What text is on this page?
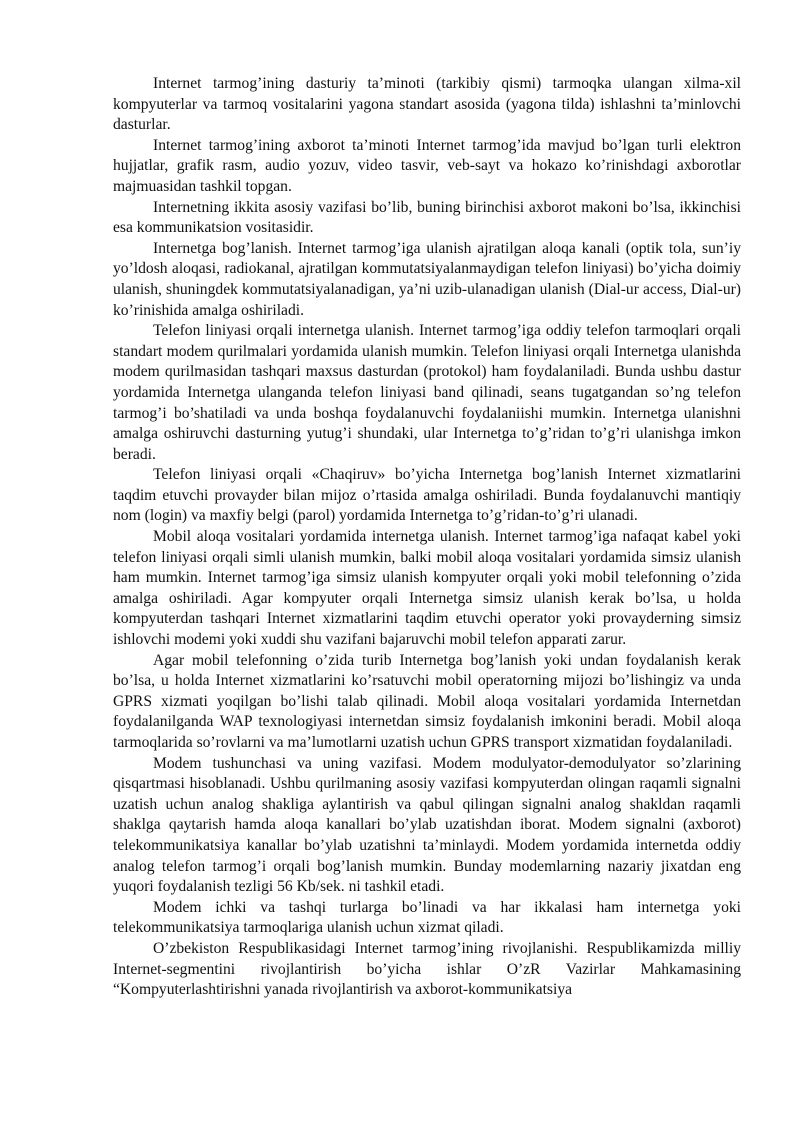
Internet tarmog’ining dasturiy ta’minoti (tarkibiy qismi) tarmoqka ulangan xilma-xil kompyuterlar va tarmoq vositalarini yagona standart asosida (yagona tilda) ishlashni ta’minlovchi dasturlar.

Internet tarmog’ining axborot ta’minoti Internet tarmog’ida mavjud bo’lgan turli elektron hujjatlar, grafik rasm, audio yozuv, video tasvir, veb-sayt va hokazo ko’rinishdagi axborotlar majmuasidan tashkil topgan.

Internetning ikkita asosiy vazifasi bo’lib, buning birinchisi axborot makoni bo’lsa, ikkinchisi esa kommunikatsion vositasidir.

Internetga bog’lanish. Internet tarmog’iga ulanish ajratilgan aloqa kanali (optik tola, sun’iy yo’ldosh aloqasi, radiokanal, ajratilgan kommutatsiyalanmaydigan telefon liniyasi) bo’yicha doimiy ulanish, shuningdek kommutatsiyalanadigan, ya’ni uzib-ulanadigan ulanish (Dial-ur access, Dial-ur) ko’rinishida amalga oshiriladi.

Telefon liniyasi orqali internetga ulanish. Internet tarmog’iga oddiy telefon tarmoqlari orqali standart modem qurilmalari yordamida ulanish mumkin. Telefon liniyasi orqali Internetga ulanishda modem qurilmasidan tashqari maxsus dasturdan (protokol) ham foydalaniladi. Bunda ushbu dastur yordamida Internetga ulanganda telefon liniyasi band qilinadi, seans tugatgandan so’ng telefon tarmog’i bo’shatiladi va unda boshqa foydalanuvchi foydalaniishi mumkin. Internetga ulanishni amalga oshiruvchi dasturning yutug’i shundaki, ular Internetga to’g’ridan to’g’ri ulanishga imkon beradi.

Telefon liniyasi orqali «Chaqiruv» bo’yicha Internetga bog’lanish Internet xizmatlarini taqdim etuvchi provayder bilan mijoz o’rtasida amalga oshiriladi. Bunda foydalanuvchi mantiqiy nom (login) va maxfiy belgi (parol) yordamida Internetga to’g’ridan-to’g’ri ulanadi.

Mobil aloqa vositalari yordamida internetga ulanish. Internet tarmog’iga nafaqat kabel yoki telefon liniyasi orqali simli ulanish mumkin, balki mobil aloqa vositalari yordamida simsiz ulanish ham mumkin. Internet tarmog’iga simsiz ulanish kompyuter orqali yoki mobil telefonning o’zida amalga oshiriladi. Agar kompyuter orqali Internetga simsiz ulanish kerak bo’lsa, u holda kompyuterdan tashqari Internet xizmatlarini taqdim etuvchi operator yoki provayderning simsiz ishlovchi modemi yoki xuddi shu vazifani bajaruvchi mobil telefon apparati zarur.

Agar mobil telefonning o’zida turib Internetga bog’lanish yoki undan foydalanish kerak bo’lsa, u holda Internet xizmatlarini ko’rsatuvchi mobil operatorning mijozi bo’lishingiz va unda GPRS xizmati yoqilgan bo’lishi talab qilinadi. Mobil aloqa vositalari yordamida Internetdan foydalanilganda WAP texnologiyasi internetdan simsiz foydalanish imkonini beradi. Mobil aloqa tarmoqlarida so’rovlarni va ma’lumotlarni uzatish uchun GPRS transport xizmatidan foydalaniladi.

Modem tushunchasi va uning vazifasi. Modem modulyator-demodulyator so’zlarining qisqartmasi hisoblanadi. Ushbu qurilmaning asosiy vazifasi kompyuterdan olingan raqamli signalni uzatish uchun analog shakliga aylantirish va qabul qilingan signalni analog shakldan raqamli shaklga qaytarish hamda aloqa kanallari bo’ylab uzatishdan iborat. Modem signalni (axborot) telekommunikatsiya kanallar bo’ylab uzatishni ta’minlaydi. Modem yordamida internetda oddiy analog telefon tarmog’i orqali bog’lanish mumkin. Bunday modemlarning nazariy jixatdan eng yuqori foydalanish tezligi 56 Kb/sek. ni tashkil etadi.

Modem ichki va tashqi turlarga bo’linadi va har ikkalasi ham internetga yoki telekommunikatsiya tarmoqlariga ulanish uchun xizmat qiladi.

O’zbekiston Respublikasidagi Internet tarmog’ining rivojlanishi. Respublikamizda milliy Internet-segmentini rivojlantirish bo’yicha ishlar O’zR Vazirlar Mahkamasining “Kompyuterlashtirishni yanada rivojlantirish va axborot-kommunikatsiya
